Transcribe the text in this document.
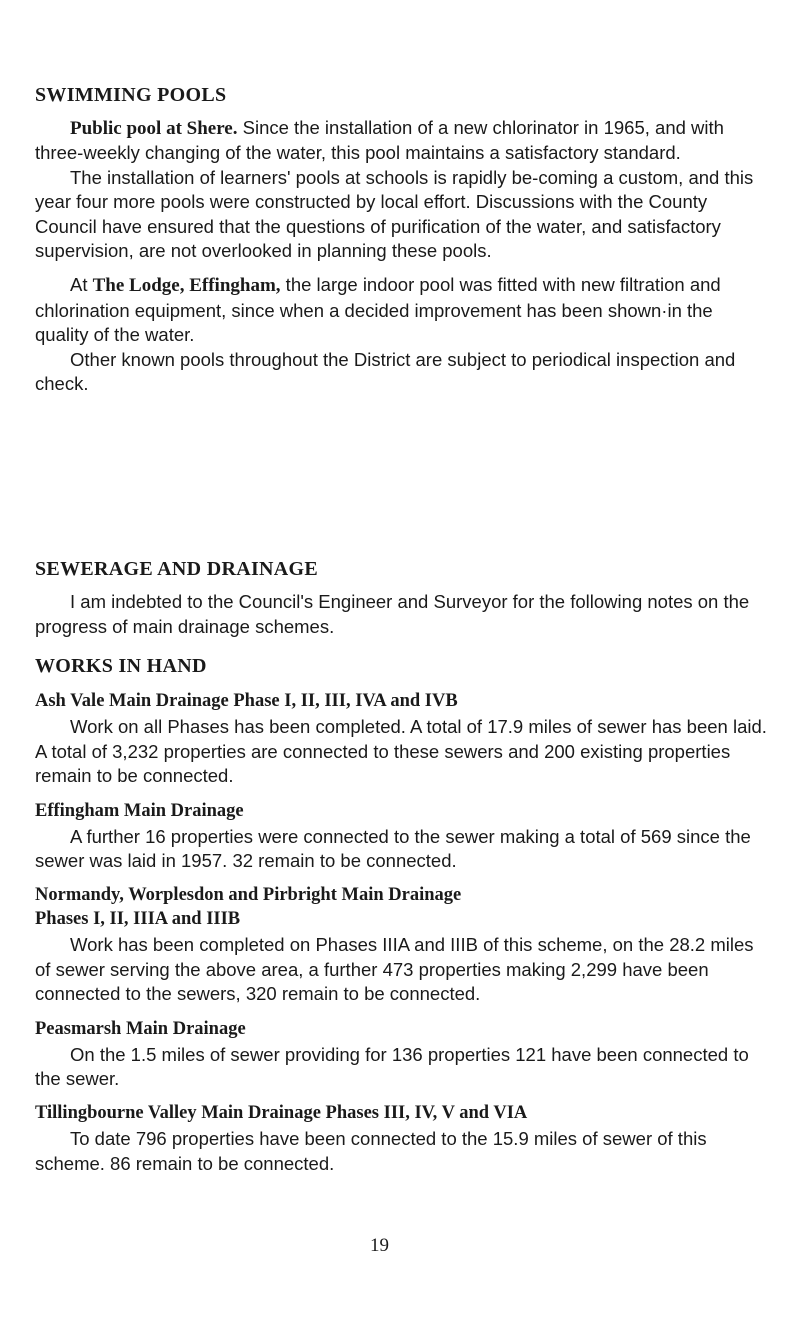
SWIMMING POOLS

Public pool at Shere. Since the installation of a new chlorinator in 1965, and with three-weekly changing of the water, this pool maintains a satisfactory standard.

The installation of learners' pools at schools is rapidly be-coming a custom, and this year four more pools were constructed by local effort. Discussions with the County Council have ensured that the questions of purification of the water, and satisfactory supervision, are not overlooked in planning these pools.

At The Lodge, Effingham, the large indoor pool was fitted with new filtration and chlorination equipment, since when a decided improvement has been shown·in the quality of the water.

Other known pools throughout the District are subject to periodical inspection and check.

SEWERAGE AND DRAINAGE

I am indebted to the Council's Engineer and Surveyor for the following notes on the progress of main drainage schemes.

WORKS IN HAND
Ash Vale Main Drainage Phase I, II, III, IVA and IVB

Work on all Phases has been completed. A total of 17.9 miles of sewer has been laid. A total of 3,232 properties are connected to these sewers and 200 existing properties remain to be connected.

Effingham Main Drainage

A further 16 properties were connected to the sewer making a total of 569 since the sewer was laid in 1957. 32 remain to be connected.

Normandy, Worplesdon and Pirbright Main Drainage
Phases I, II, IIIA and IIIB

Work has been completed on Phases IIIA and IIIB of this scheme, on the 28.2 miles of sewer serving the above area, a further 473 properties making 2,299 have been connected to the sewers, 320 remain to be connected.

Peasmarsh Main Drainage

On the 1.5 miles of sewer providing for 136 properties 121 have been connected to the sewer.

Tillingbourne Valley Main Drainage Phases III, IV, V and VIA

To date 796 properties have been connected to the 15.9 miles of sewer of this scheme. 86 remain to be connected.

19
